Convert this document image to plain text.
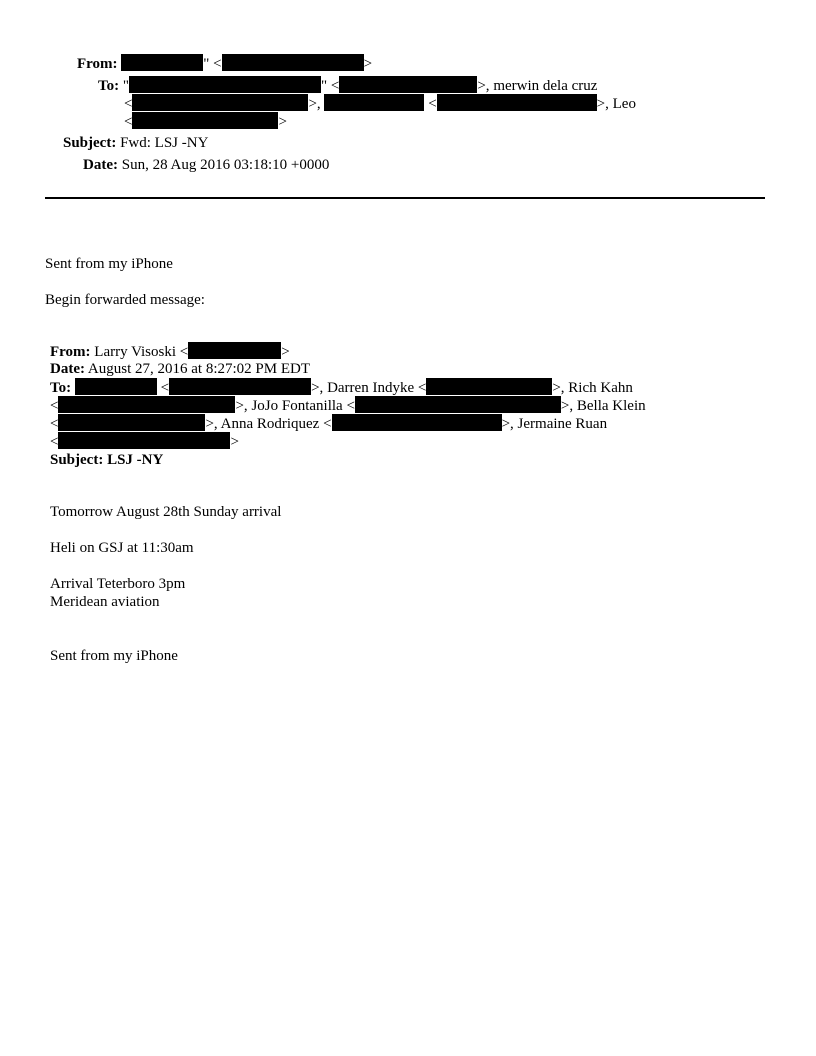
From:	" <	>
To: "	" <	>, merwin dela cruz
<	>,	<	>, Leo
<	>
Subject: Fwd: LSJ -NY
Date: Sun, 28 Aug 2016 03:18:10 +0000
Sent from my iPhone
Begin forwarded message:
From: Larry Visoski <	>
Date: August 27, 2016 at 8:27:02 PM EDT
To:	<	>, Darren Indyke <	>, Rich Kahn
<	>, JoJo Fontanilla <	>, Bella Klein
<	>, Anna Rodriquez <	>, Jermaine Ruan
<	>
Subject: LSJ -NY
Tomorrow August 28th Sunday arrival
Heli on GSJ at 11:30am
Arrival Teterboro 3pm
Meridean aviation
Sent from my iPhone
